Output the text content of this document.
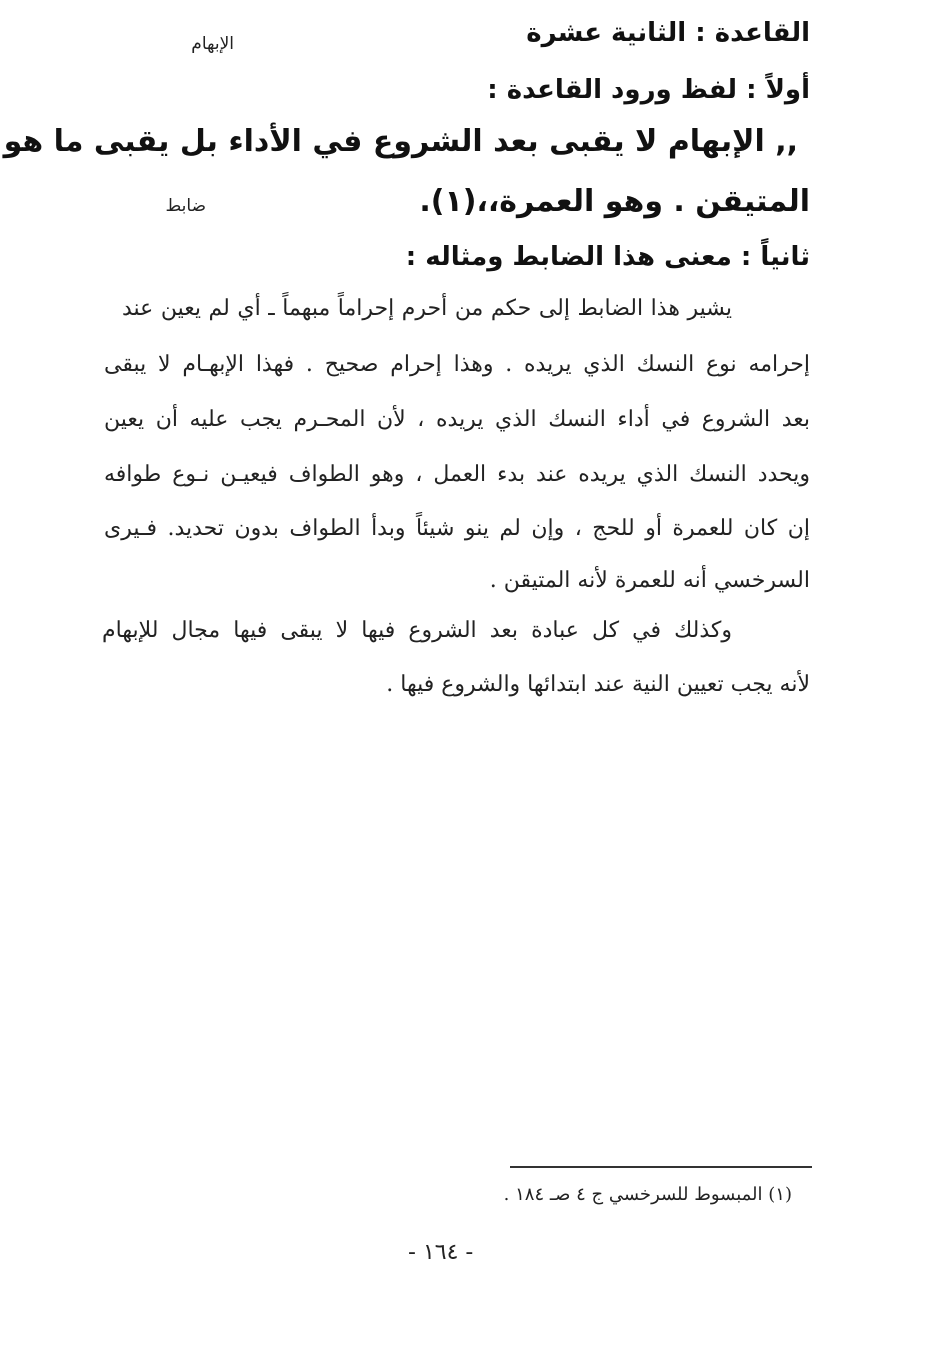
القاعدة : الثانية عشرة
الإبهام
أولاً : لفظ ورود القاعدة :
,, الإبهام لا يقبى بعد الشروع في الأداء بل يقبى ما هو
المتيقن . وهو العمرة،،(١).
ضابط
ثانياً : معنى هذا الضابط ومثاله :
يشير هذا الضابط إلى حكم من أحرم إحراماً مبهماً ـ أي لم يعين عند
إحرامه نوع النسك الذي يريده . وهذا إحرام صحيح . فهذا الإبهـام لا يبقى
بعد الشروع في أداء النسك الذي يريده ، لأن المحـرم يجب عليه أن يعين
ويحدد النسك الذي يريده عند بدء العمل ، وهو الطواف فيعيـن نـوع طوافه
إن كان للعمرة أو للحج ، وإن لم ينو شيئاً وبدأ الطواف بدون تحديد. فـيرى
السرخسي أنه للعمرة لأنه المتيقن .
وكذلك في كل عبادة بعد الشروع فيها لا يبقى فيها مجال للإبهام
لأنه يجب تعيين النية عند ابتدائها والشروع فيها .
(١) المبسوط للسرخسي ج ٤ صـ ١٨٤ .
- ١٦٤ -
